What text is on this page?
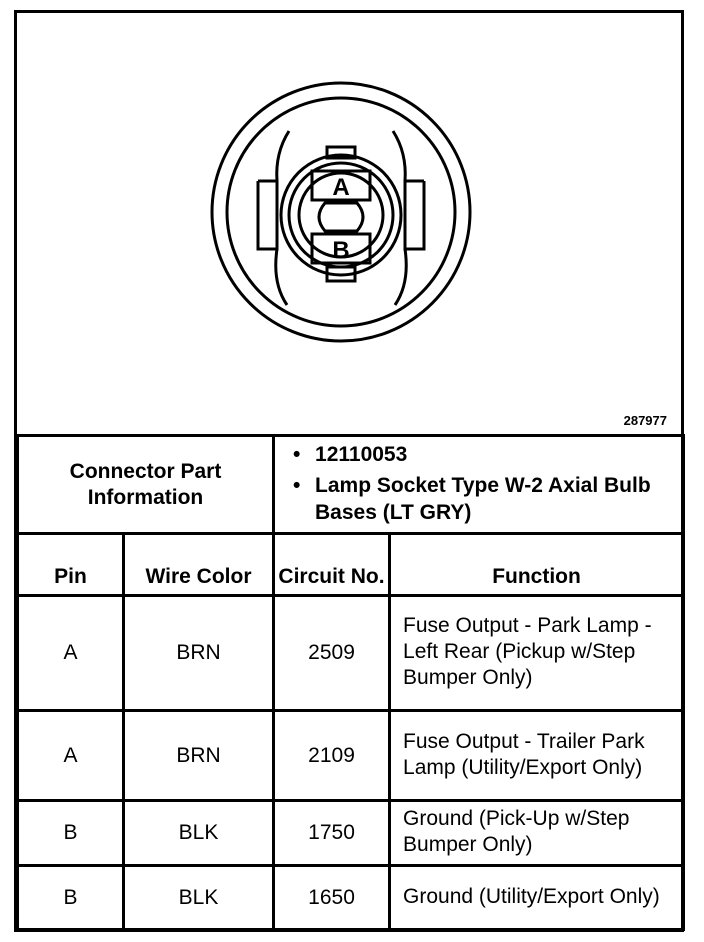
A
B
287977
Connector Part Information		• 12110053
• Lamp Socket Type W-2 Axial Bulb Bases (LT GRY)	

Pin	Wire Color	Circuit No.	Function
A	BRN	2509	Fuse Output - Park Lamp - Left Rear (Pickup w/Step Bumper Only)
A	BRN	2109	Fuse Output - Trailer Park Lamp (Utility/Export Only)
B	BLK	1750	Ground (Pick-Up w/Step Bumper Only)
B	BLK	1650	Ground (Utility/Export Only)
